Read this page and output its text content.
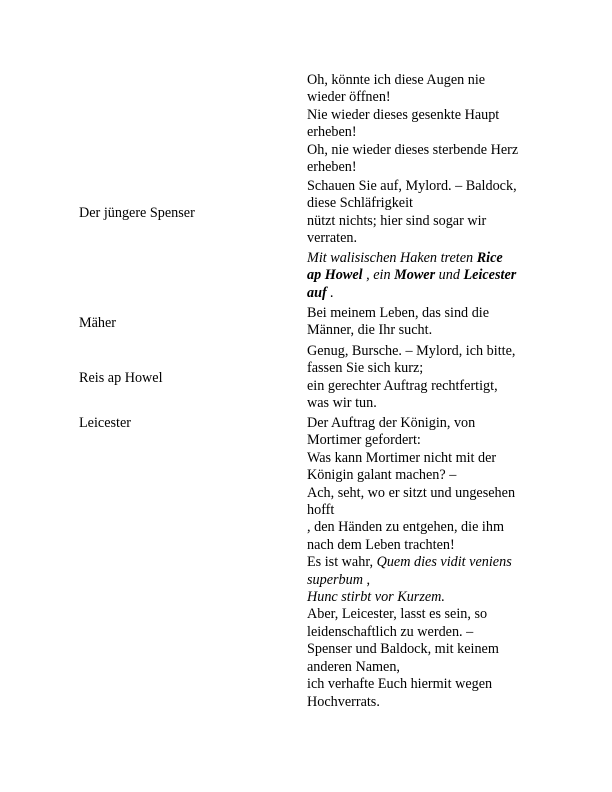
Oh, könnte ich diese Augen nie
wieder öffnen!
Nie wieder dieses gesenkte Haupt
erheben!
Oh, nie wieder dieses sterbende Herz
erheben!
Der jüngere Spenser
Schauen Sie auf, Mylord. – Baldock,
diese Schläfrigkeit
nützt nichts; hier sind sogar wir
verraten.
Mit walisischen Haken treten Rice
ap Howel , ein Mower und Leicester
auf .
Mäher
Bei meinem Leben, das sind die
Männer, die Ihr sucht.
Reis ap Howel
Genug, Bursche. – Mylord, ich bitte,
fassen Sie sich kurz;
ein gerechter Auftrag rechtfertigt,
was wir tun.
Leicester	Der Auftrag der Königin, von
Mortimer gefordert:
Was kann Mortimer nicht mit der
Königin galant machen? –
Ach, seht, wo er sitzt und ungesehen
hofft
, den Händen zu entgehen, die ihm
nach dem Leben trachten!
Es ist wahr, Quem dies vidit veniens
superbum ,
Hunc stirbt vor Kurzem.
Aber, Leicester, lasst es sein, so
leidenschaftlich zu werden. –
Spenser und Baldock, mit keinem
anderen Namen,
ich verhafte Euch hiermit wegen
Hochverrats.
